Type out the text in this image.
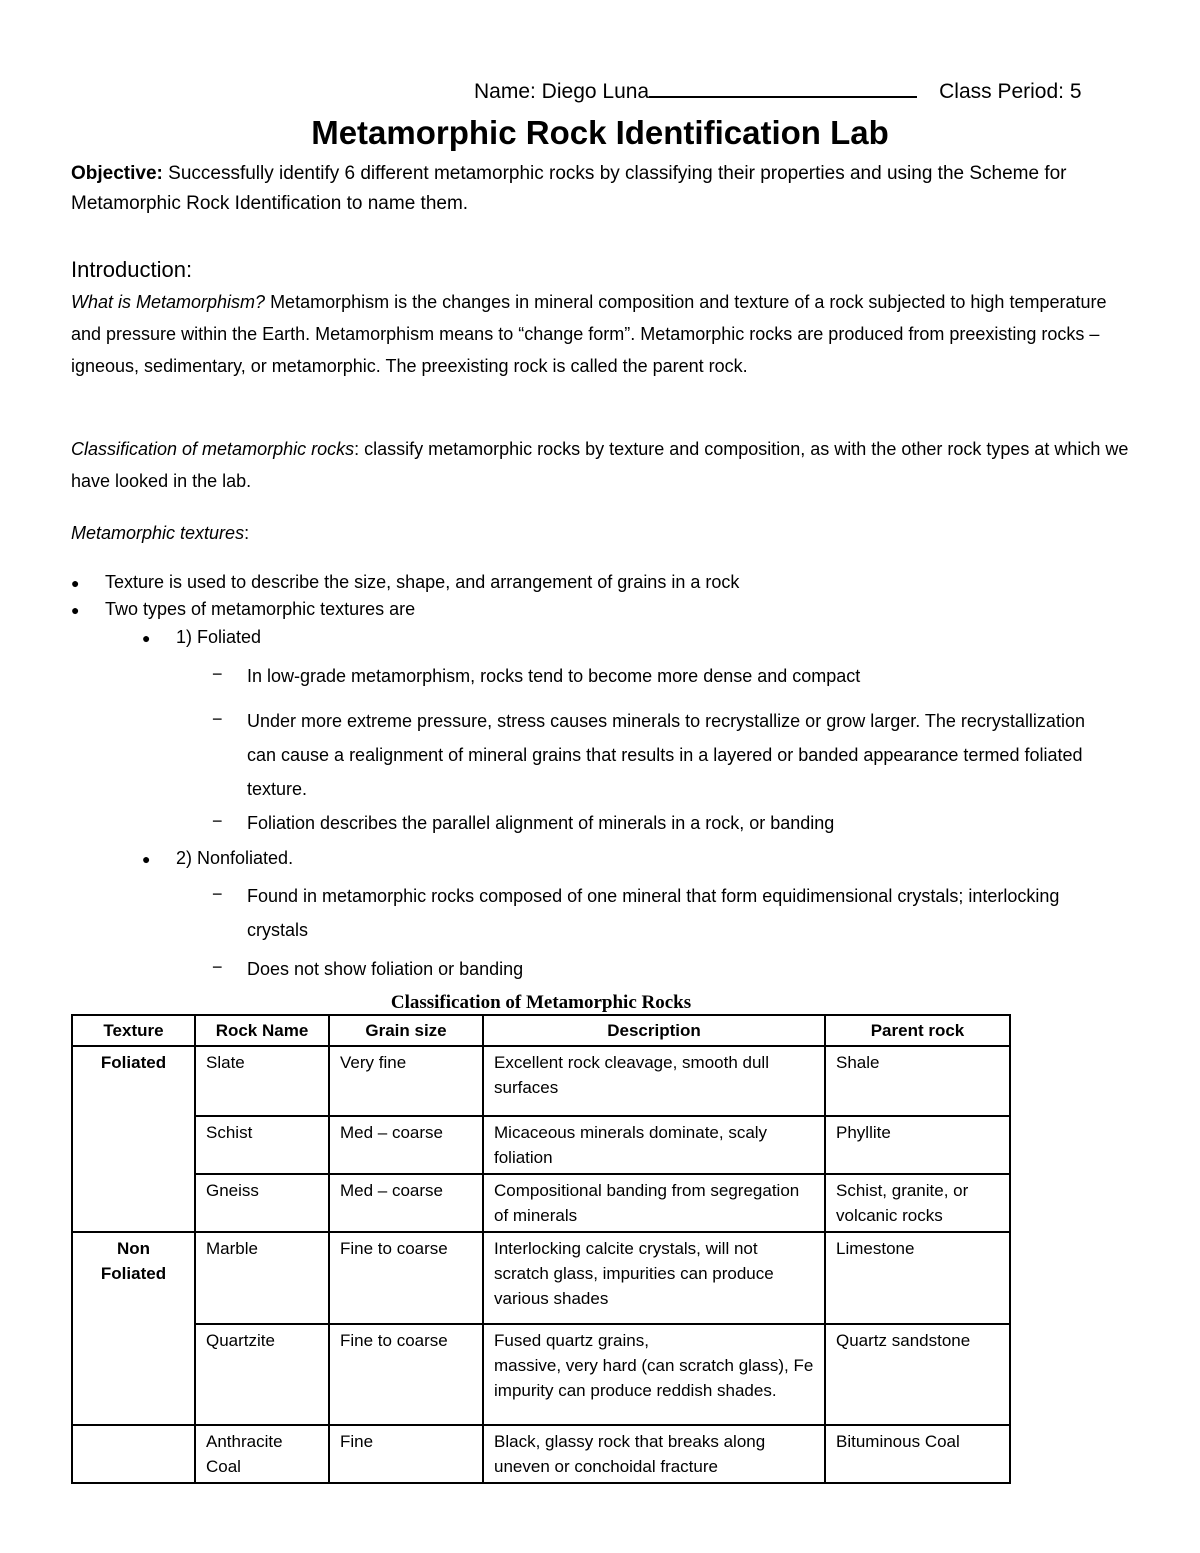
Name: Diego Luna	Class Period: 5
Metamorphic Rock Identification Lab
Objective: Successfully identify 6 different metamorphic rocks by classifying their properties and using the Scheme for Metamorphic Rock Identification to name them.
Introduction:
What is Metamorphism? Metamorphism is the changes in mineral composition and texture of a rock subjected to high temperature and pressure within the Earth. Metamorphism means to “change form”. Metamorphic rocks are produced from preexisting rocks – igneous, sedimentary, or metamorphic. The preexisting rock is called the parent rock.
Classification of metamorphic rocks: classify metamorphic rocks by texture and composition, as with the other rock types at which we have looked in the lab.
Metamorphic textures:
● Texture is used to describe the size, shape, and arrangement of grains in a rock
● Two types of metamorphic textures are
● 1) Foliated
− In low-grade metamorphism, rocks tend to become more dense and compact
− Under more extreme pressure, stress causes minerals to recrystallize or grow larger. The recrystallization can cause a realignment of mineral grains that results in a layered or banded appearance termed foliated texture.
− Foliation describes the parallel alignment of minerals in a rock, or banding
● 2) Nonfoliated.
− Found in metamorphic rocks composed of one mineral that form equidimensional crystals; interlocking crystals
− Does not show foliation or banding
Classification of Metamorphic Rocks
Texture	Rock Name	Grain size	Description	Parent rock
Foliated	Slate	Very fine	Excellent rock cleavage, smooth dull surfaces	Shale
	Schist	Med – coarse	Micaceous minerals dominate, scaly foliation	Phyllite
	Gneiss	Med – coarse	Compositional banding from segregation of minerals	Schist, granite, or volcanic rocks
Non
Foliated	Marble	Fine to coarse	Interlocking calcite crystals, will not scratch glass, impurities can produce various shades	Limestone
	Quartzite	Fine to coarse	Fused quartz grains,
massive, very hard (can scratch glass), Fe impurity can produce reddish shades.	Quartz sandstone
	Anthracite Coal	Fine	Black, glassy rock that breaks along uneven or conchoidal fracture	Bituminous Coal
